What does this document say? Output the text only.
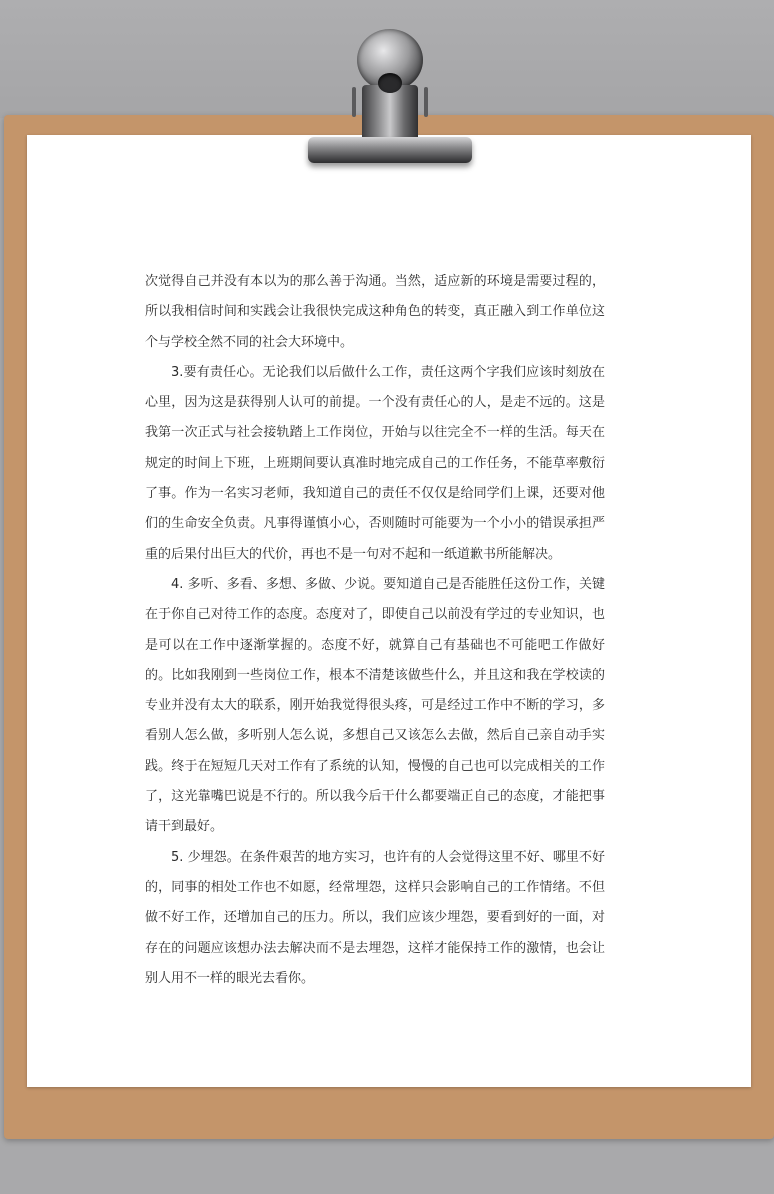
次觉得自己并没有本以为的那么善于沟通。当然，适应新的环境是需要过程的，所以我相信时间和实践会让我很快完成这种角色的转变，真正融入到工作单位这个与学校全然不同的社会大环境中。

3.要有责任心。无论我们以后做什么工作，责任这两个字我们应该时刻放在心里，因为这是获得别人认可的前提。一个没有责任心的人，是走不远的。这是我第一次正式与社会接轨踏上工作岗位，开始与以往完全不一样的生活。每天在规定的时间上下班，上班期间要认真准时地完成自己的工作任务，不能草率敷衍了事。作为一名实习老师，我知道自己的责任不仅仅是给同学们上课，还要对他们的生命安全负责。凡事得谨慎小心，否则随时可能要为一个小小的错误承担严重的后果付出巨大的代价，再也不是一句对不起和一纸道歉书所能解决。

4. 多听、多看、多想、多做、少说。要知道自己是否能胜任这份工作，关键在于你自己对待工作的态度。态度对了，即使自己以前没有学过的专业知识，也是可以在工作中逐渐掌握的。态度不好，就算自己有基础也不可能吧工作做好的。比如我刚到一些岗位工作，根本不清楚该做些什么，并且这和我在学校读的专业并没有太大的联系，刚开始我觉得很头疼，可是经过工作中不断的学习，多看别人怎么做，多听别人怎么说，多想自己又该怎么去做，然后自己亲自动手实践。终于在短短几天对工作有了系统的认知，慢慢的自己也可以完成相关的工作了，这光靠嘴巴说是不行的。所以我今后干什么都要端正自己的态度，才能把事请干到最好。

5. 少埋怨。在条件艰苦的地方实习，也许有的人会觉得这里不好、哪里不好的，同事的相处工作也不如愿，经常埋怨，这样只会影响自己的工作情绪。不但做不好工作，还增加自己的压力。所以，我们应该少埋怨，要看到好的一面，对存在的问题应该想办法去解决而不是去埋怨，这样才能保持工作的激情，也会让别人用不一样的眼光去看你。
